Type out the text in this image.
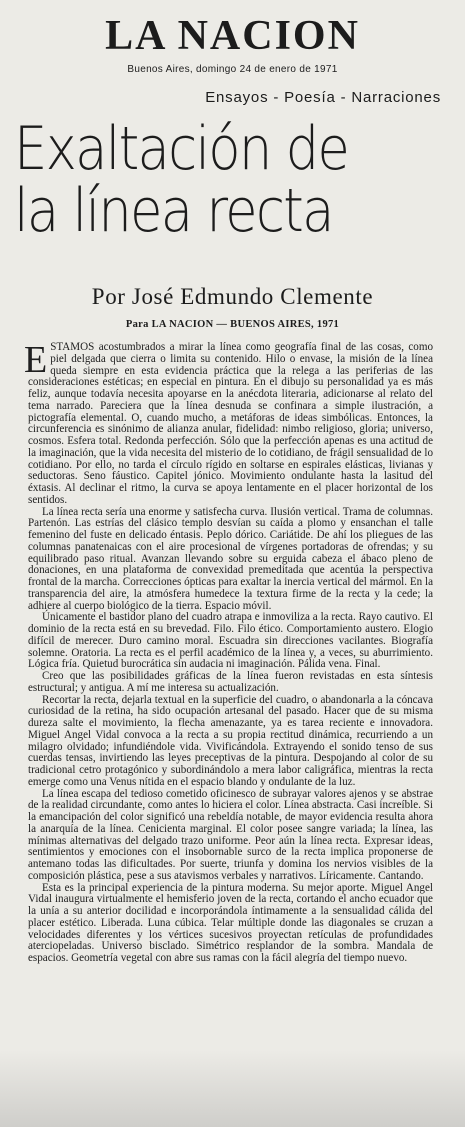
LA NACION
Buenos Aires, domingo 24 de enero de 1971
Ensayos - Poesía - Narraciones
Exaltación de
la línea recta
Por José Edmundo Clemente
Para LA NACION — BUENOS AIRES, 1971

ESTAMOS acostumbrados a mirar la línea como geografía final de las cosas, como piel delgada que cierra o limita su contenido. Hilo o envase, la misión de la línea queda siempre en esta evidencia práctica que la relega a las periferias de las consideraciones estéticas; en especial en pintura. En el dibujo su personalidad ya es más feliz, aunque todavía necesita apoyarse en la anécdota literaria, adicionarse al relato del tema narrado. Pareciera que la línea desnuda se confinara a simple ilustración, a pictografía elemental. O, cuando mucho, a metáforas de ideas simbólicas. Entonces, la circunferencia es sinónimo de alianza anular, fidelidad: nimbo religioso, gloria; universo, cosmos. Esfera total. Redonda perfección. Sólo que la perfección apenas es una actitud de la imaginación, que la vida necesita del misterio de lo cotidiano, de frágil sensualidad de lo cotidiano. Por ello, no tarda el círculo rígido en soltarse en espirales elásticas, livianas y seductoras. Seno fáustico. Capitel jónico. Movimiento ondulante hasta la lasitud del éxtasis. Al declinar el ritmo, la curva se apoya lentamente en el placer horizontal de los sentidos.

La línea recta sería una enorme y satisfecha curva. Ilusión vertical. Trama de columnas. Partenón. Las estrías del clásico templo desvían su caída a plomo y ensanchan el talle femenino del fuste en delicado éntasis. Peplo dórico. Cariátide. De ahí los pliegues de las columnas panatenaicas con el aire procesional de vírgenes portadoras de ofrendas; y su equilibrado paso ritual. Avanzan llevando sobre su erguida cabeza el ábaco pleno de donaciones, en una plataforma de convexidad premeditada que acentúa la perspectiva frontal de la marcha. Correcciones ópticas para exaltar la inercia vertical del mármol. En la transparencia del aire, la atmósfera humedece la textura firme de la recta y la cede; la adhiere al cuerpo biológico de la tierra. Espacio móvil.

Únicamente el bastidor plano del cuadro atrapa e inmoviliza a la recta. Rayo cautivo. El dominio de la recta está en su brevedad. Filo. Filo ético. Comportamiento austero. Elogio difícil de merecer. Duro camino moral. Escuadra sin direcciones vacilantes. Biografía solemne. Oratoria. La recta es el perfil académico de la línea y, a veces, su aburrimiento. Lógica fría. Quietud burocrática sin audacia ni imaginación. Pálida vena. Final.

Creo que las posibilidades gráficas de la línea fueron revistadas en esta síntesis estructural; y antigua. A mí me interesa su actualización.

Recortar la recta, dejarla textual en la superficie del cuadro, o abandonarla a la cóncava curiosidad de la retina, ha sido ocupación artesanal del pasado. Hacer que de su misma dureza salte el movimiento, la flecha amenazante, ya es tarea reciente e innovadora. Miguel Angel Vidal convoca a la recta a su propia rectitud dinámica, recurriendo a un milagro olvidado; infundiéndole vida. Vivificándola. Extrayendo el sonido tenso de sus cuerdas tensas, invirtiendo las leyes preceptivas de la pintura. Despojando al color de su tradicional cetro protagónico y subordinándolo a mera labor caligráfica, mientras la recta emerge como una Venus nítida en el espacio blando y ondulante de la luz.

La línea escapa del tedioso cometido oficinesco de subrayar valores ajenos y se abstrae de la realidad circundante, como antes lo hiciera el color. Línea abstracta. Casi increíble. Si la emancipación del color significó una rebeldía notable, de mayor evidencia resulta ahora la anarquía de la línea. Cenicienta marginal. El color posee sangre variada; la línea, las mínimas alternativas del delgado trazo uniforme. Peor aún la línea recta. Expresar ideas, sentimientos y emociones con el insobornable surco de la recta implica proponerse de antemano todas las dificultades. Por suerte, triunfa y domina los nervios visibles de la composición plástica, pese a sus atavismos verbales y narrativos. Líricamente. Cantando.

Esta es la principal experiencia de la pintura moderna. Su mejor aporte. Miguel Angel Vidal inaugura virtualmente el hemisferio joven de la recta, cortando el ancho ecuador que la unía a su anterior docilidad e incorporándola íntimamente a la sensualidad cálida del placer estético. Liberada. Luna cúbica. Telar múltiple donde las diagonales se cruzan a velocidades diferentes y los vértices sucesivos proyectan retículas de profundidades aterciopeladas. Universo bisclado. Simétrico resplandor de la sombra. Mandala de espacios. Geometría vegetal con abre sus ramas con la fácil alegría del tiempo nuevo.
